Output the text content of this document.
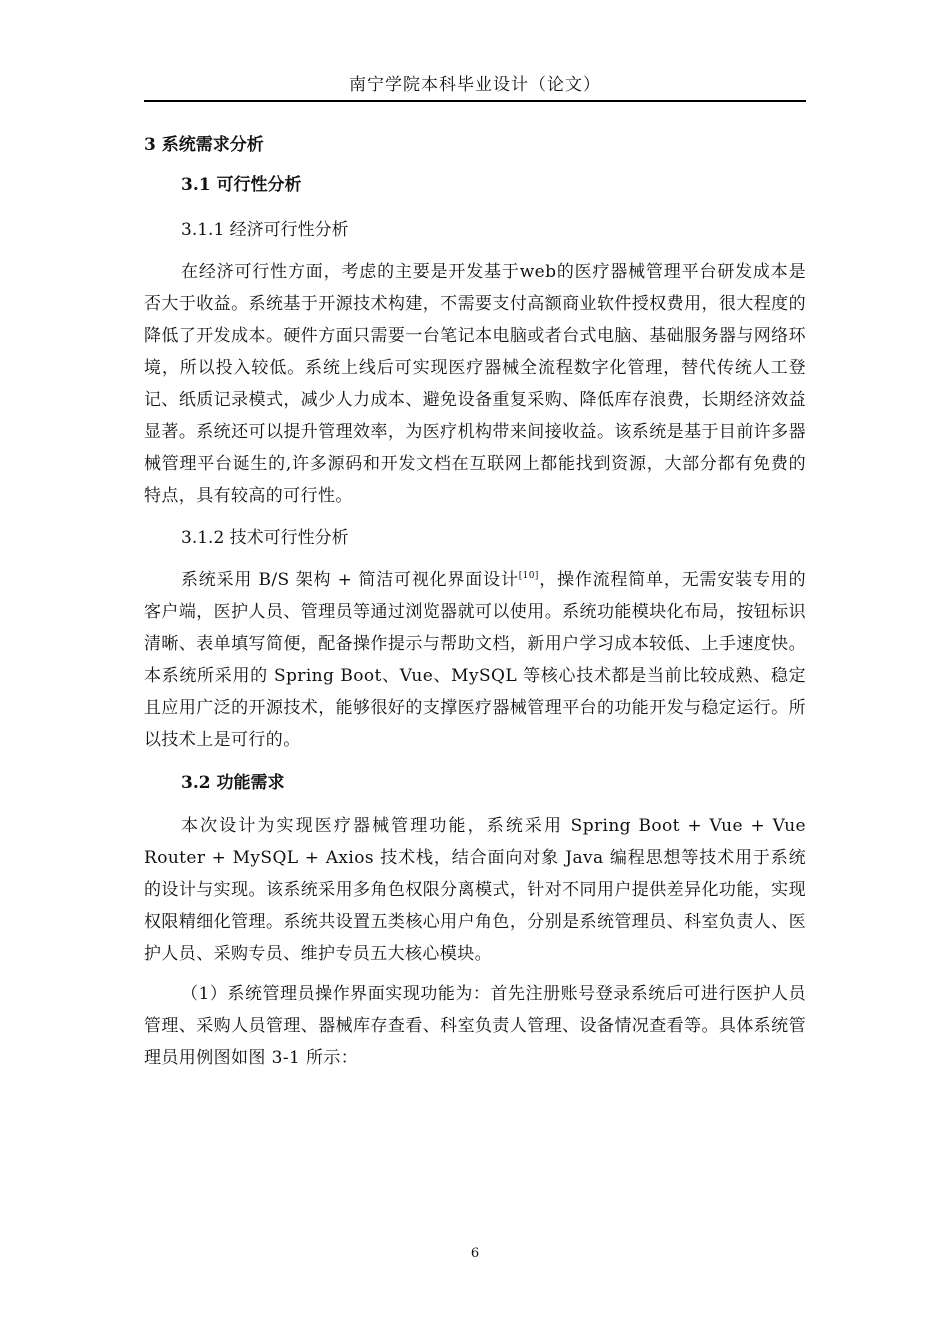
南宁学院本科毕业设计（论文）

3 系统需求分析

3.1 可行性分析

3.1.1 经济可行性分析

在经济可行性方面，考虑的主要是开发基于web的医疗器械管理平台研发成本是否大于收益。系统基于开源技术构建，不需要支付高额商业软件授权费用，很大程度的降低了开发成本。硬件方面只需要一台笔记本电脑或者台式电脑、基础服务器与网络环境，所以投入较低。系统上线后可实现医疗器械全流程数字化管理，替代传统人工登记、纸质记录模式，减少人力成本、避免设备重复采购、降低库存浪费，长期经济效益显著。系统还可以提升管理效率，为医疗机构带来间接收益。该系统是基于目前许多器械管理平台诞生的,许多源码和开发文档在互联网上都能找到资源，大部分都有免费的特点，具有较高的可行性。

3.1.2 技术可行性分析

系统采用 B/S 架构 + 简洁可视化界面设计[10]，操作流程简单，无需安装专用的客户端，医护人员、管理员等通过浏览器就可以使用。系统功能模块化布局，按钮标识清晰、表单填写简便，配备操作提示与帮助文档，新用户学习成本较低、上手速度快。本系统所采用的 Spring Boot、Vue、MySQL 等核心技术都是当前比较成熟、稳定且应用广泛的开源技术，能够很好的支撑医疗器械管理平台的功能开发与稳定运行。所以技术上是可行的。

3.2 功能需求

本次设计为实现医疗器械管理功能，系统采用 Spring Boot + Vue + Vue Router + MySQL + Axios 技术栈，结合面向对象 Java 编程思想等技术用于系统的设计与实现。该系统采用多角色权限分离模式，针对不同用户提供差异化功能，实现权限精细化管理。系统共设置五类核心用户角色，分别是系统管理员、科室负责人、医护人员、采购专员、维护专员五大核心模块。

（1）系统管理员操作界面实现功能为：首先注册账号登录系统后可进行医护人员管理、采购人员管理、器械库存查看、科室负责人管理、设备情况查看等。具体系统管理员用例图如图 3-1 所示：

6
